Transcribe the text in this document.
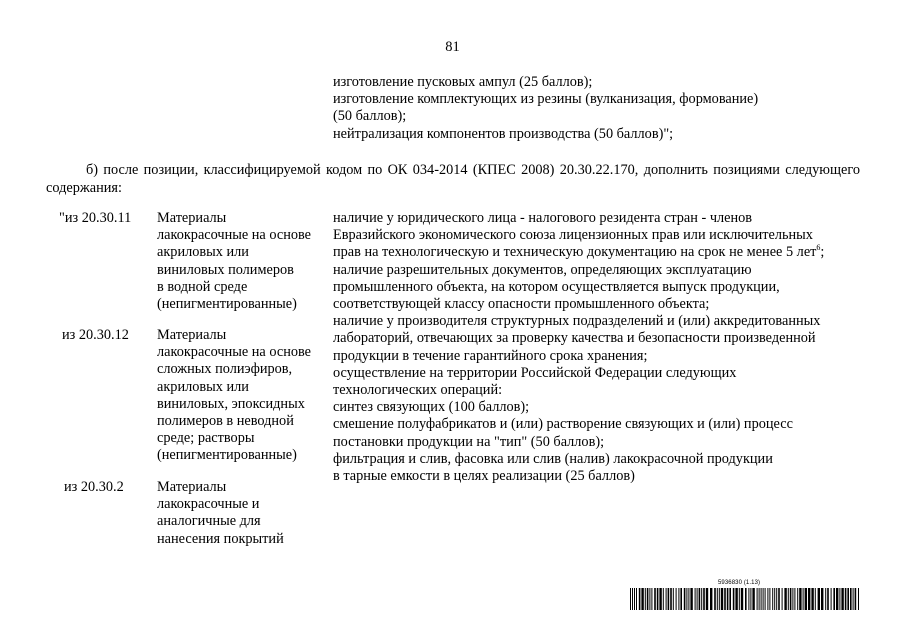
81
изготовление пусковых ампул (25 баллов);
изготовление комплектующих из резины (вулканизация, формование)
(50 баллов);
нейтрализация компонентов производства (50 баллов)";
б) после позиции, классифицируемой кодом по ОК 034-2014 (КПЕС 2008) 20.30.22.170, дополнить позициями следующего содержания:
"из 20.30.11 Материалы
лакокрасочные на основе
акриловых или
виниловых полимеров
в водной среде
(непигментированные)
из 20.30.12 Материалы
лакокрасочные на основе
сложных полиэфиров,
акриловых или
виниловых, эпоксидных
полимеров в неводной
среде; растворы
(непигментированные)
из 20.30.2 Материалы
лакокрасочные и
аналогичные для
нанесения покрытий
наличие у юридического лица - налогового резидента стран - членов
Евразийского экономического союза лицензионных прав или исключительных
прав на технологическую и техническую документацию на срок не менее 5 лет$^6$;
наличие разрешительных документов, определяющих эксплуатацию
промышленного объекта, на котором осуществляется выпуск продукции,
соответствующей классу опасности промышленного объекта;
наличие у производителя структурных подразделений и (или) аккредитованных
лабораторий, отвечающих за проверку качества и безопасности произведенной
продукции в течение гарантийного срока хранения;
осуществление на территории Российской Федерации следующих
технологических операций:
синтез связующих (100 баллов);
смешение полуфабрикатов и (или) растворение связующих и (или) процесс
постановки продукции на "тип" (50 баллов);
фильтрация и слив, фасовка или слив (налив) лакокрасочной продукции
в тарные емкости в целях реализации (25 баллов)
5936830 (1.13)
